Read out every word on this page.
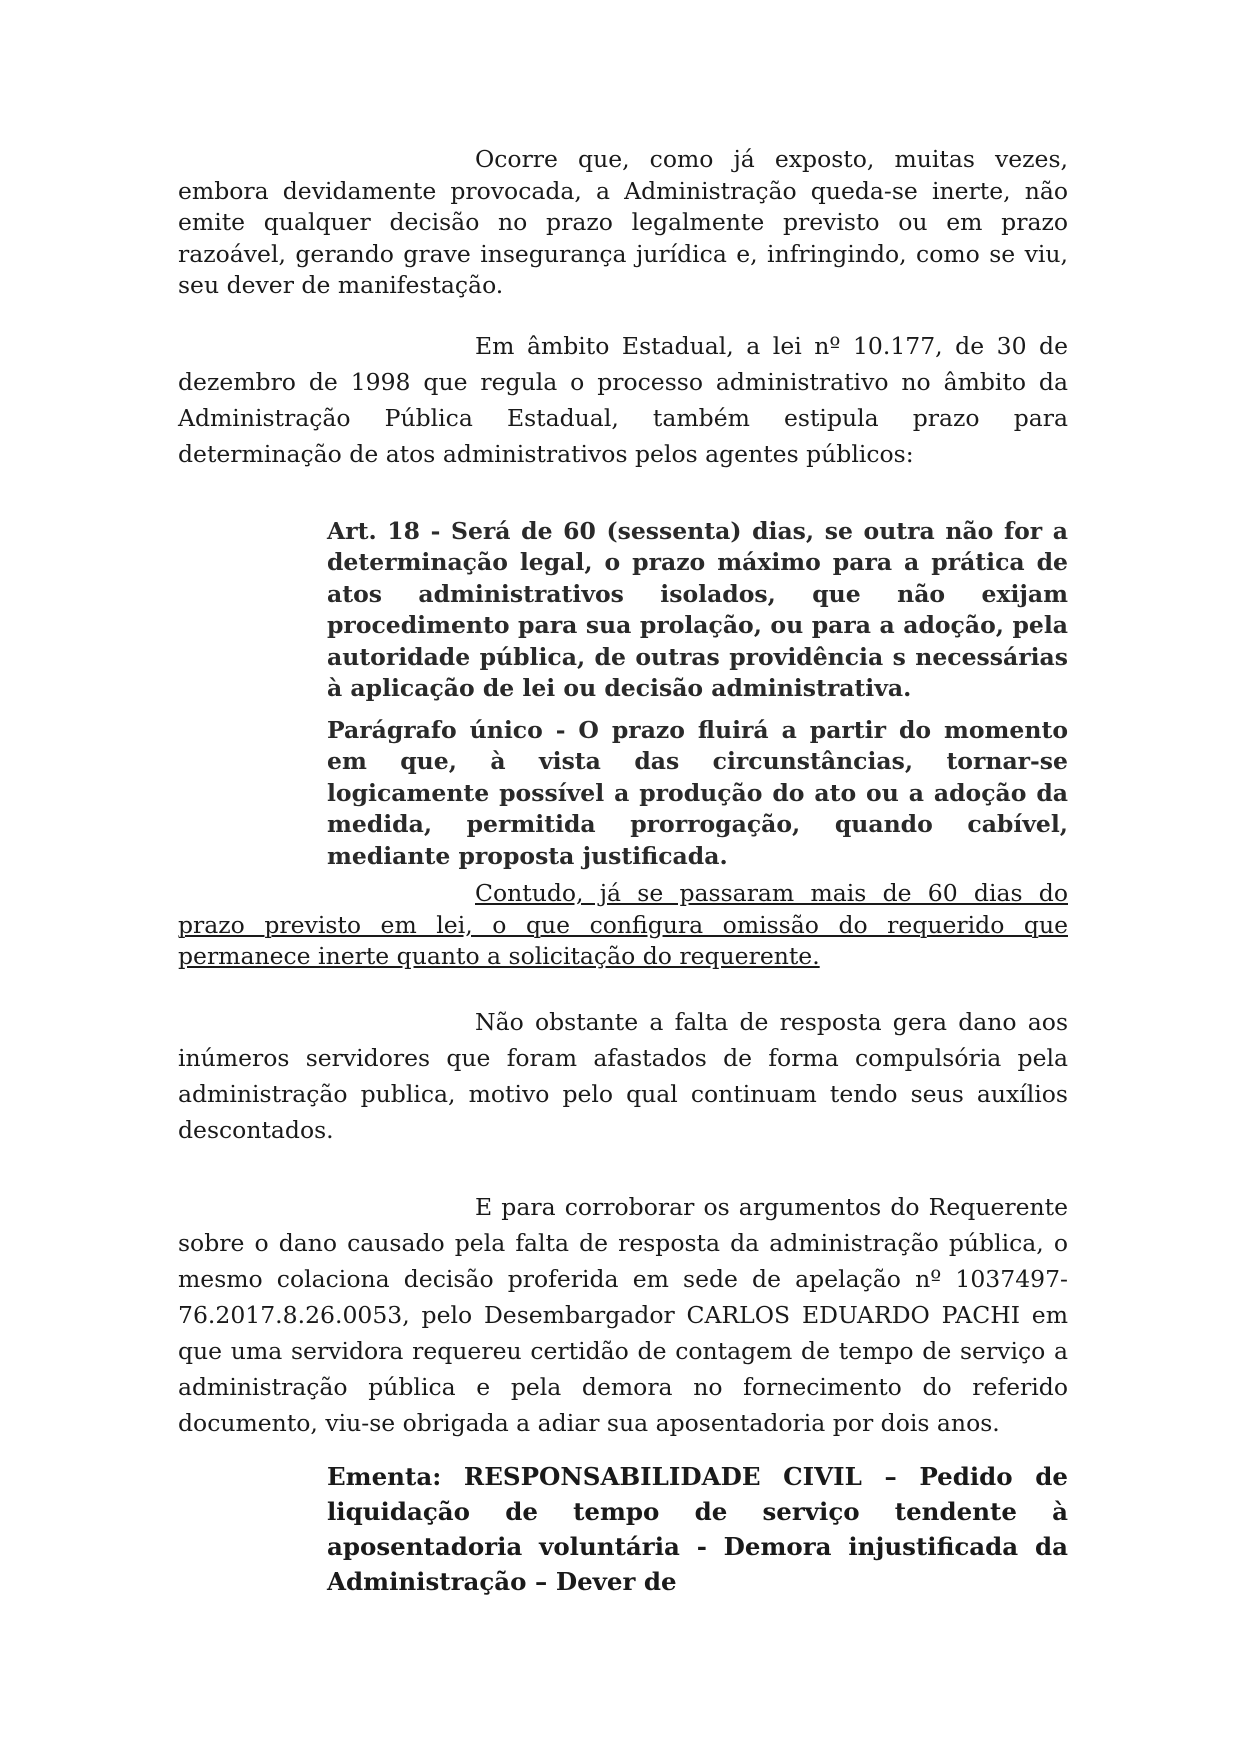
Ocorre que, como já exposto, muitas vezes, embora devidamente provocada, a Administração queda-se inerte, não emite qualquer decisão no prazo legalmente previsto ou em prazo razoável, gerando grave insegurança jurídica e, infringindo, como se viu, seu dever de manifestação.

Em âmbito Estadual, a lei nº 10.177, de 30 de dezembro de 1998 que regula o processo administrativo no âmbito da Administração Pública Estadual, também estipula prazo para determinação de atos administrativos pelos agentes públicos:

Art. 18 - Será de 60 (sessenta) dias, se outra não for a determinação legal, o prazo máximo para a prática de atos administrativos isolados, que não exijam procedimento para sua prolação, ou para a adoção, pela autoridade pública, de outras providência s necessárias à aplicação de lei ou decisão administrativa.

Parágrafo único - O prazo fluirá a partir do momento em que, à vista das circunstâncias, tornar-se logicamente possível a produção do ato ou a adoção da medida, permitida prorrogação, quando cabível, mediante proposta justificada.

Contudo, já se passaram mais de 60 dias do prazo previsto em lei, o que configura omissão do requerido que permanece inerte quanto a solicitação do requerente.

Não obstante a falta de resposta gera dano aos inúmeros servidores que foram afastados de forma compulsória pela administração publica, motivo pelo qual continuam tendo seus auxílios descontados.

E para corroborar os argumentos do Requerente sobre o dano causado pela falta de resposta da administração pública, o mesmo colaciona decisão proferida em sede de apelação nº 1037497-76.2017.8.26.0053, pelo Desembargador CARLOS EDUARDO PACHI em que uma servidora requereu certidão de contagem de tempo de serviço a administração pública e pela demora no fornecimento do referido documento, viu-se obrigada a adiar sua aposentadoria por dois anos.

Ementa: RESPONSABILIDADE CIVIL – Pedido de liquidação de tempo de serviço tendente à aposentadoria voluntária - Demora injustificada da Administração – Dever de
